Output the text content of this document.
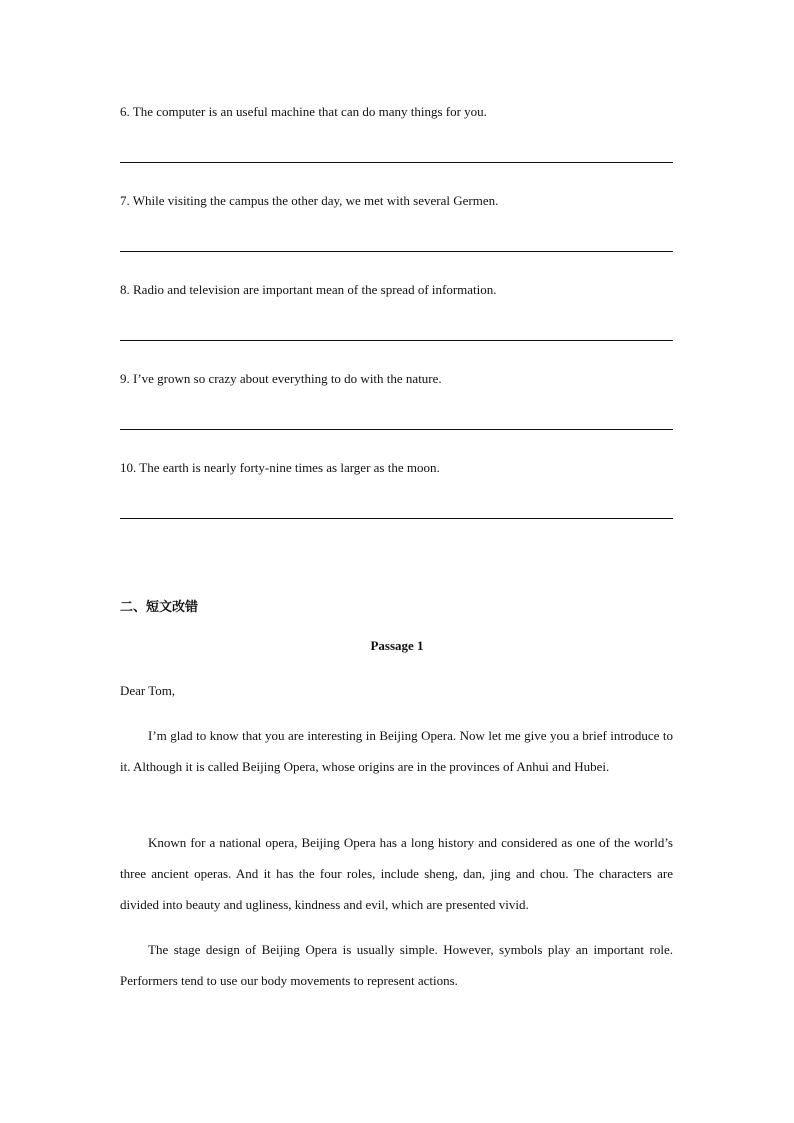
6. The computer is an useful machine that can do many things for you.
7. While visiting the campus the other day, we met with several Germen.
8. Radio and television are important mean of the spread of information.
9. I’ve grown so crazy about everything to do with the nature.
10. The earth is nearly forty-nine times as larger as the moon.
二、短文改错
Passage 1
Dear Tom,

I’m glad to know that you are interesting in Beijing Opera. Now let me give you a brief introduce to it. Although it is called Beijing Opera, whose origins are in the provinces of Anhui and Hubei.

Known for a national opera, Beijing Opera has a long history and considered as one of the world’s three ancient operas. And it has the four roles, include sheng, dan, jing and chou. The characters are divided into beauty and ugliness, kindness and evil, which are presented vivid.

The stage design of Beijing Opera is usually simple. However, symbols play an important role. Performers tend to use our body movements to represent actions.
